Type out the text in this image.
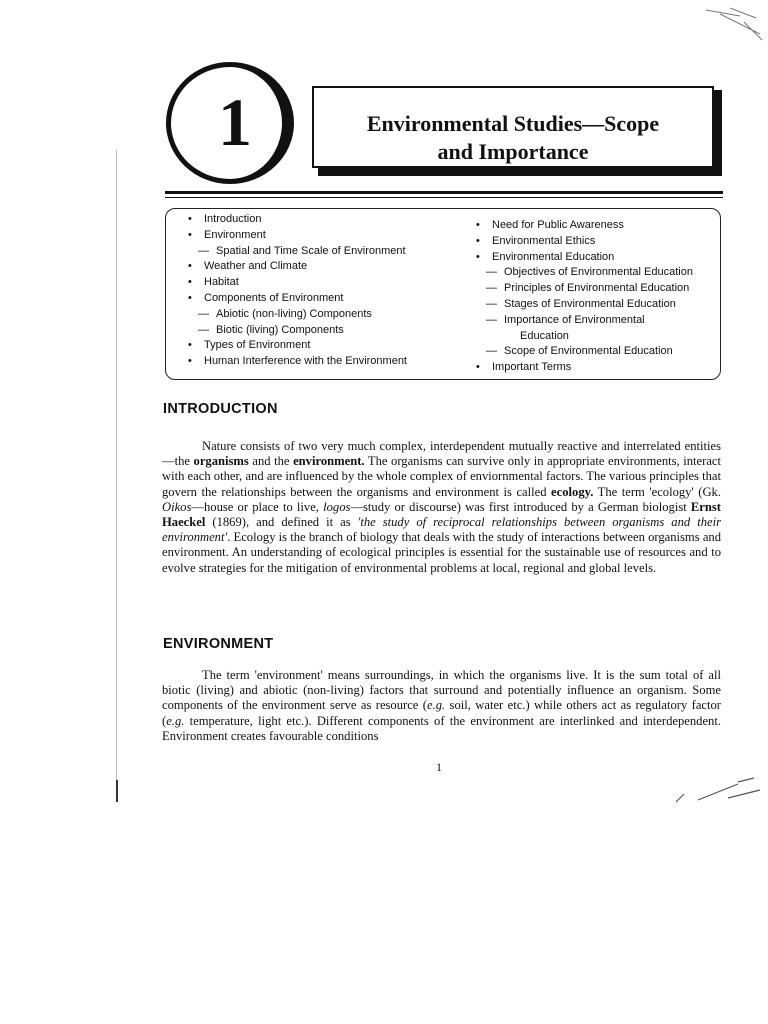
1	Environmental Studies—Scope
and Importance
• Introduction
• Environment
— Spatial and Time Scale of Environment
• Weather and Climate
• Habitat
• Components of Environment
— Abiotic (non-living) Components
— Biotic (living) Components
• Types of Environment
• Human Interference with the Environment
• Need for Public Awareness
• Environmental Ethics
• Environmental Education
— Objectives of Environmental Education
— Principles of Environmental Education
— Stages of Environmental Education
— Importance of Environmental
Education
— Scope of Environmental Education
• Important Terms
INTRODUCTION

Nature consists of two very much complex, interdependent mutually reactive and interrelated entities—the organisms and the environment. The organisms can survive only in appropriate environments, interact with each other, and are influenced by the whole complex of enviornmental factors. The various principles that govern the relationships between the organisms and environment is called ecology. The term 'ecology' (Gk. Oikos—house or place to live, logos—study or discourse) was first introduced by a German biologist Ernst Haeckel (1869), and defined it as 'the study of reciprocal relationships between organisms and their environment'. Ecology is the branch of biology that deals with the study of interactions between organisms and environment. An understanding of ecological principles is essential for the sustainable use of resources and to evolve strategies for the mitigation of environmental problems at local, regional and global levels.

ENVIRONMENT

The term 'environment' means surroundings, in which the organisms live. It is the sum total of all biotic (living) and abiotic (non-living) factors that surround and potentially influence an organism. Some components of the environment serve as resource (e.g. soil, water etc.) while others act as regulatory factor (e.g. temperature, light etc.). Different components of the environment are interlinked and interdependent. Environment creates favourable conditions

1
